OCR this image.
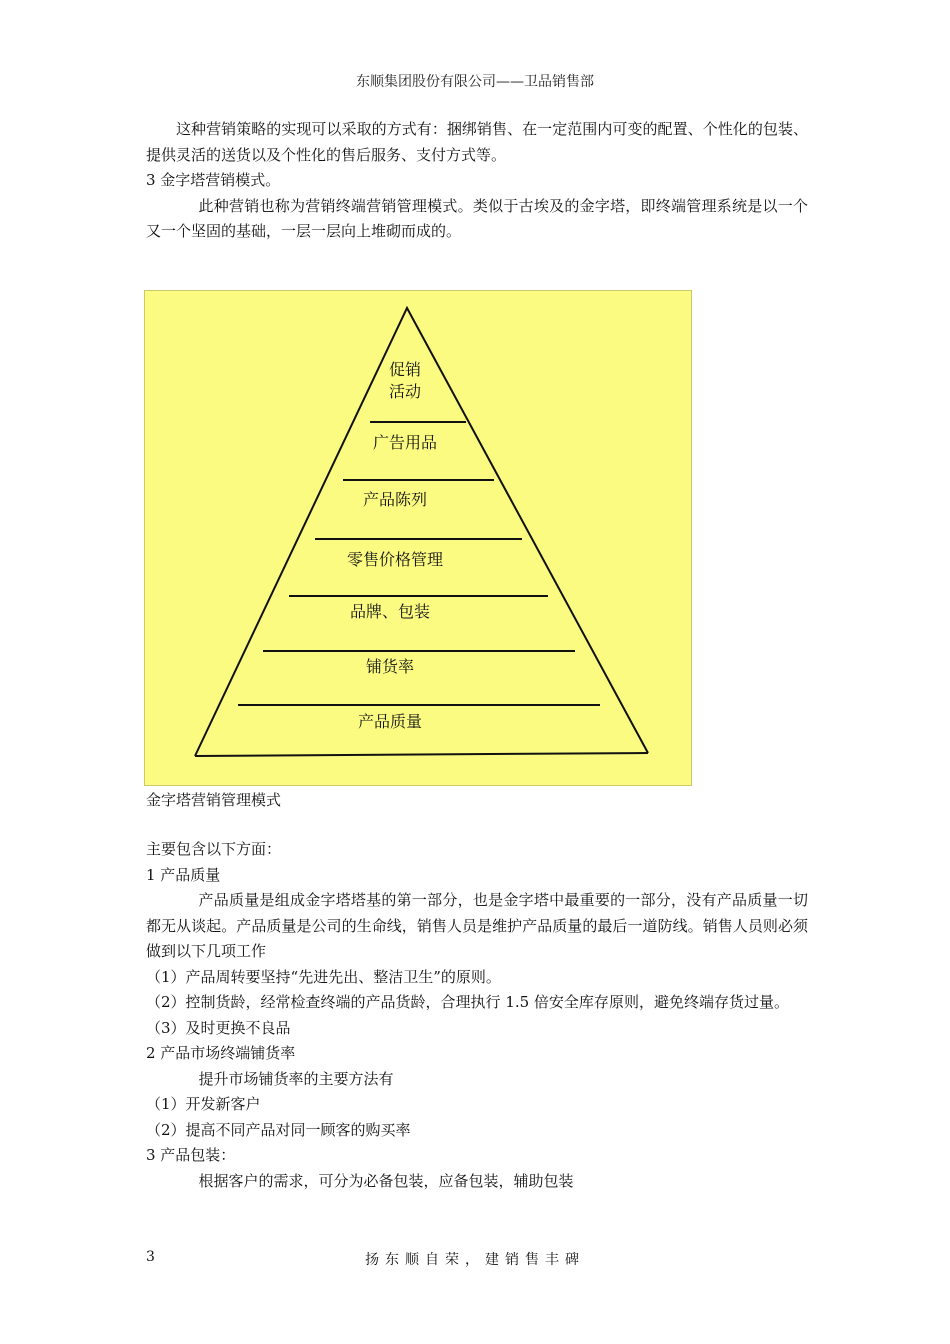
东顺集团股份有限公司——卫品销售部

这种营销策略的实现可以采取的方式有：捆绑销售、在一定范围内可变的配置、个性化的包装、提供灵活的送货以及个性化的售后服务、支付方式等。

3 金字塔营销模式。

此种营销也称为营销终端营销管理模式。类似于古埃及的金字塔，即终端管理系统是以一个又一个坚固的基础，一层一层向上堆砌而成的。

促销
活动
广告用品
产品陈列
零售价格管理
品牌、包装
铺货率
产品质量
金字塔营销管理模式

主要包含以下方面：

1 产品质量

产品质量是组成金字塔塔基的第一部分，也是金字塔中最重要的一部分，没有产品质量一切都无从谈起。产品质量是公司的生命线，销售人员是维护产品质量的最后一道防线。销售人员则必须做到以下几项工作

（1）产品周转要坚持“先进先出、整洁卫生”的原则。

（2）控制货龄，经常检查终端的产品货龄，合理执行 1.5 倍安全库存原则，避免终端存货过量。

（3）及时更换不良品

2 产品市场终端铺货率

提升市场铺货率的主要方法有

（1）开发新客户

（2）提高不同产品对同一顾客的购买率

3 产品包装：

根据客户的需求，可分为必备包装，应备包装，辅助包装

3	扬东顺自荣，建销售丰碑
